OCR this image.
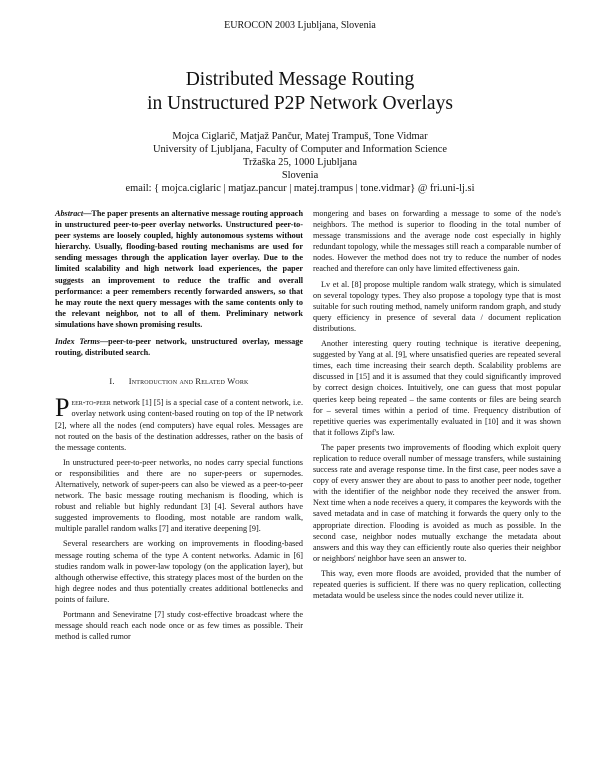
EUROCON 2003 Ljubljana, Slovenia
Distributed Message Routing
in Unstructured P2P Network Overlays
Mojca Ciglarič, Matjaž Pančur, Matej Trampuš, Tone Vidmar
University of Ljubljana, Faculty of Computer and Information Science
Tržaška 25, 1000 Ljubljana
Slovenia
email: { mojca.ciglaric | matjaz.pancur | matej.trampus | tone.vidmar} @ fri.uni-lj.si

Abstract—The paper presents an alternative message routing approach in unstructured peer-to-peer overlay networks. Unstructured peer-to-peer systems are loosely coupled, highly autonomous systems without hierarchy. Usually, flooding-based routing mechanisms are used for sending messages through the application layer overlay. Due to the limited scalability and high network load experiences, the paper suggests an improvement to reduce the traffic and overall performance: a peer remembers recently forwarded answers, so that he may route the next query messages with the same contents only to the relevant neighbor, not to all of them. Preliminary network simulations have shown promising results.

Index Terms—peer-to-peer network, unstructured overlay, message routing, distributed search.

I. Introduction and Related Work

Peer-to-peer network [1] [5] is a special case of a content network, i.e. overlay network using content-based routing on top of the IP network [2], where all the nodes (end computers) have equal roles. Messages are not routed on the basis of the destination addresses, rather on the basis of the message contents.

In unstructured peer-to-peer networks, no nodes carry special functions or responsibilities and there are no super-peers or supernodes. Alternatively, network of super-peers can also be viewed as a peer-to-peer network. The basic message routing mechanism is flooding, which is robust and reliable but highly redundant [3] [4]. Several authors have suggested improvements to flooding, most notable are random walk, multiple parallel random walks [7] and iterative deepening [9].

Several researchers are working on improvements in flooding-based message routing schema of the type A content networks. Adamic in [6] studies random walk in power-law topology (on the application layer), but although otherwise effective, this strategy places most of the burden on the high degree nodes and thus potentially creates additional bottlenecks and points of failure.

Portmann and Seneviratne [7] study cost-effective broadcast where the message should reach each node once or as few times as possible. Their method is called rumor

mongering and bases on forwarding a message to some of the node's neighbors. The method is superior to flooding in the total number of message transmissions and the average node cost especially in highly redundant topology, while the messages still reach a comparable number of nodes. However the method does not try to reduce the number of nodes reached and therefore can only have limited effectiveness gain.

Lv et al. [8] propose multiple random walk strategy, which is simulated on several topology types. They also propose a topology type that is most suitable for such routing method, namely uniform random graph, and study query efficiency in presence of several data / document replication distributions.

Another interesting query routing technique is iterative deepening, suggested by Yang at al. [9], where unsatisfied queries are repeated several times, each time increasing their search depth. Scalability problems are discussed in [15] and it is assumed that they could significantly improved by correct design choices. Intuitively, one can guess that most popular queries keep being repeated – the same contents or files are being search for – several times within a period of time. Frequency distribution of repetitive queries was experimentally evaluated in [10] and it was shown that it follows Zipf's law.

The paper presents two improvements of flooding which exploit query replication to reduce overall number of message transfers, while sustaining success rate and average response time. In the first case, peer nodes save a copy of every answer they are about to pass to another peer node, together with the identifier of the neighbor node they received the answer from. Next time when a node receives a query, it compares the keywords with the saved metadata and in case of matching it forwards the query only to the appropriate direction. Flooding is avoided as much as possible. In the second case, neighbor nodes mutually exchange the metadata about answers and this way they can efficiently route also queries their neighbor or neighbors' neighbor have seen an answer to.

This way, even more floods are avoided, provided that the number of repeated queries is sufficient. If there was no query replication, collecting metadata would be useless since the nodes could never utilize it.
